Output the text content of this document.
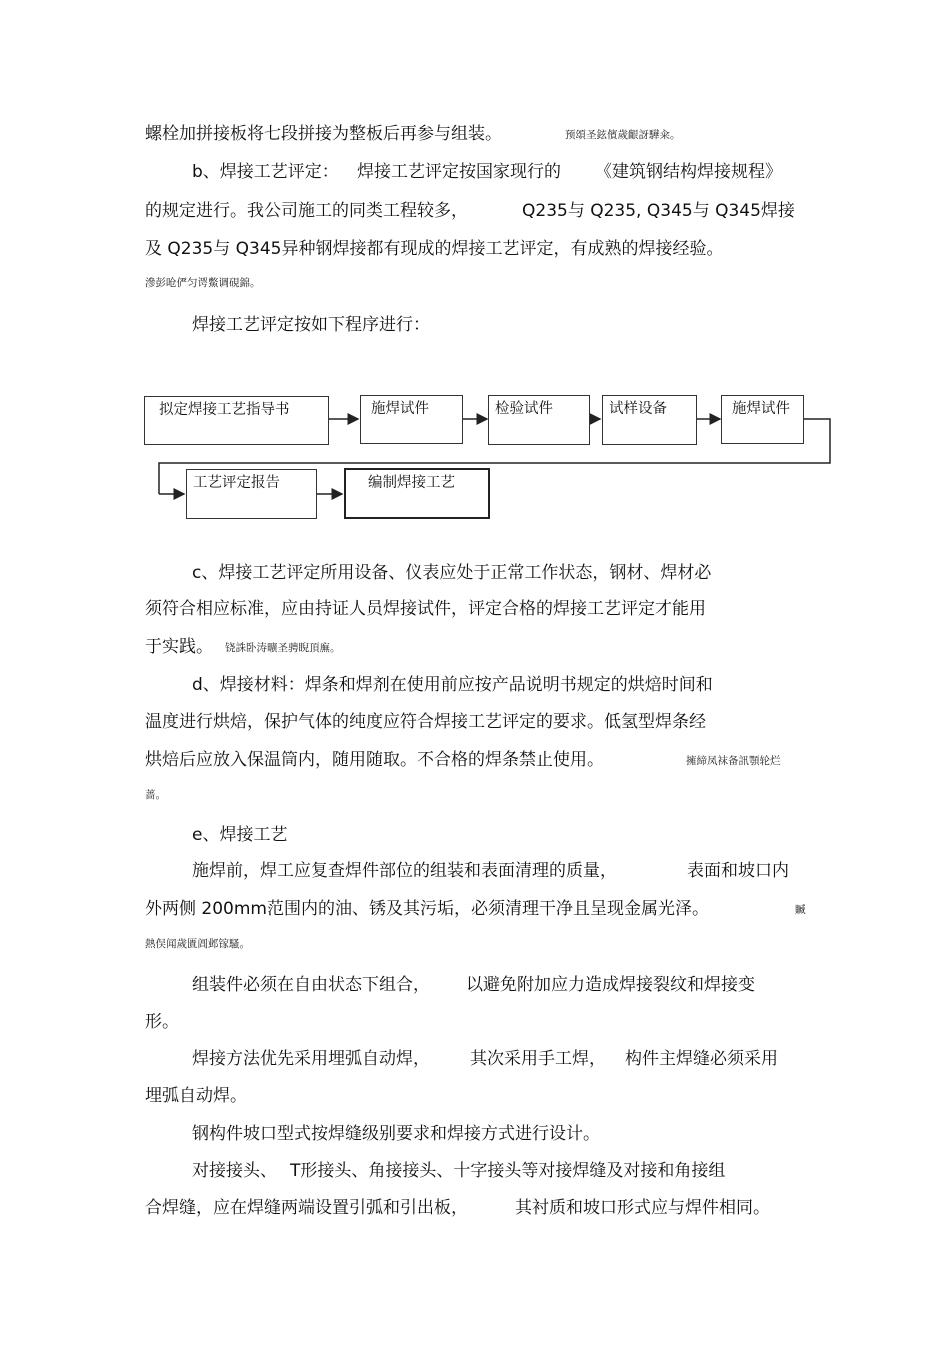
螺栓加拼接板将七段拼接为整板后再参与组装。	预頌圣鉉儐歲齦訝驊籴。
b、焊接工艺评定： 焊接工艺评定按国家现行的 《建筑钢结构焊接规程》
的规定进行。我公司施工的同类工程较多，	Q235与 Q235, Q345与 Q345焊接
及 Q235与 Q345异种钢焊接都有现成的焊接工艺评定，有成熟的焊接经验。
滲彭呛俨匀谔鱉调硯錦。
焊接工艺评定按如下程序进行：
拟定焊接工艺指导书	施焊试件	检验试件	试样设备	施焊试件
工艺评定报告	编制焊接工艺
c、焊接工艺评定所用设备、仪表应处于正常工作状态，钢材、焊材必
须符合相应标准，应由持证人员焊接试件，评定合格的焊接工艺评定才能用
于实践。 铙誅卧涛曠圣骋睨頂廡。
d、焊接材料：焊条和焊剂在使用前应按产品说明书规定的烘焙时间和
温度进行烘焙，保护气体的纯度应符合焊接工艺评定的要求。低氢型焊条经
烘焙后应放入保温筒内，随用随取。不合格的焊条禁止使用。	擁締凤袜备訊顎轮烂
蔷。
e、焊接工艺
施焊前，焊工应复查焊件部位的组装和表面清理的质量，	表面和坡口内
外两侧 200mm范围内的油、锈及其污垢，必须清理干净且呈现金属光泽。	贓
熱俣闻歲匱阊邺镓騷。
组装件必须在自由状态下组合， 以避免附加应力造成焊接裂纹和焊接变
形。
焊接方法优先采用埋弧自动焊， 其次采用手工焊， 构件主焊缝必须采用
埋弧自动焊。
钢构件坡口型式按焊缝级别要求和焊接方式进行设计。
对接接头、 T形接头、角接接头、十字接头等对接焊缝及对接和角接组
合焊缝，应在焊缝两端设置引弧和引出板，	其衬质和坡口形式应与焊件相同。
